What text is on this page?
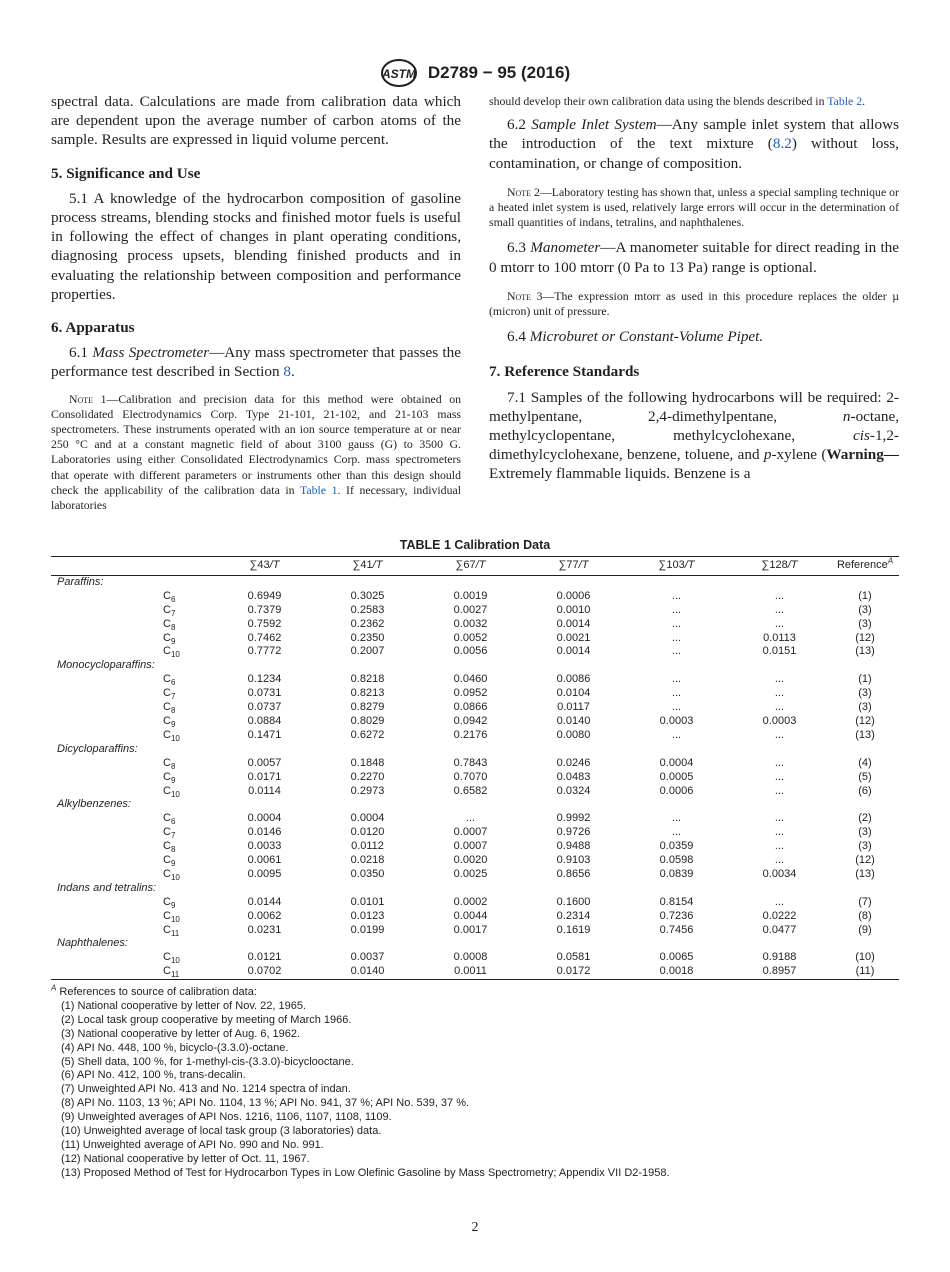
ASTM D2789 − 95 (2016)

spectral data. Calculations are made from calibration data which are dependent upon the average number of carbon atoms of the sample. Results are expressed in liquid volume percent.

5. Significance and Use

5.1 A knowledge of the hydrocarbon composition of gasoline process streams, blending stocks and finished motor fuels is useful in following the effect of changes in plant operating conditions, diagnosing process upsets, blending finished products and in evaluating the relationship between composition and performance properties.

6. Apparatus

6.1 Mass Spectrometer—Any mass spectrometer that passes the performance test described in Section 8.

Note 1—Calibration and precision data for this method were obtained on Consolidated Electrodynamics Corp. Type 21-101, 21-102, and 21-103 mass spectrometers. These instruments operated with an ion source temperature at or near 250 °C and at a constant magnetic field of about 3100 gauss (G) to 3500 G. Laboratories using either Consolidated Electrodynamics Corp. mass spectrometers that operate with different parameters or instruments other than this design should check the applicability of the calibration data in Table 1. If necessary, individual laboratories

should develop their own calibration data using the blends described in Table 2.

6.2 Sample Inlet System—Any sample inlet system that allows the introduction of the text mixture (8.2) without loss, contamination, or change of composition.

Note 2—Laboratory testing has shown that, unless a special sampling technique or a heated inlet system is used, relatively large errors will occur in the determination of small quantities of indans, tetralins, and naphthalenes.

6.3 Manometer—A manometer suitable for direct reading in the 0 mtorr to 100 mtorr (0 Pa to 13 Pa) range is optional.

Note 3—The expression mtorr as used in this procedure replaces the older µ (micron) unit of pressure.

6.4 Microburet or Constant-Volume Pipet.

7. Reference Standards

7.1 Samples of the following hydrocarbons will be required: 2-methylpentane, 2,4-dimethylpentane, n-octane, methylcyclopentane, methylcyclohexane, cis-1,2-dimethylcyclohexane, benzene, toluene, and p-xylene (Warning—Extremely flammable liquids. Benzene is a

TABLE 1 Calibration Data
	∑43/T	∑41/T	∑67/T	∑77/T	∑103/T	∑128/T	Reference$^A$	
Paraffins:								
$C_6$	0.6949	0.3025	0.0019	0.0006	...	...	(1)	
$C_7$	0.7379	0.2583	0.0027	0.0010	...	...	(3)	
$C_8$	0.7592	0.2362	0.0032	0.0014	...	...	(3)	
$C_9$	0.7462	0.2350	0.0052	0.0021	...	0.0113	(12)	
$C_{10}$	0.7772	0.2007	0.0056	0.0014	...	0.0151	(13)	
Monocycloparaffins:								
$C_6$	0.1234	0.8218	0.0460	0.0086	...	...	(1)	
$C_7$	0.0731	0.8213	0.0952	0.0104	...	...	(3)	
$C_8$	0.0737	0.8279	0.0866	0.0117	...	...	(3)	
$C_9$	0.0884	0.8029	0.0942	0.0140	0.0003	0.0003	(12)	
$C_{10}$	0.1471	0.6272	0.2176	0.0080	...	...	(13)	
Dicycloparaffins:								
$C_8$	0.0057	0.1848	0.7843	0.0246	0.0004	...	(4)	
$C_9$	0.0171	0.2270	0.7070	0.0483	0.0005	...	(5)	
$C_{10}$	0.0114	0.2973	0.6582	0.0324	0.0006	...	(6)	
Alkylbenzenes:								
$C_6$	0.0004	0.0004	...	0.9992	...	...	(2)	
$C_7$	0.0146	0.0120	0.0007	0.9726	...	...	(3)	
$C_8$	0.0033	0.0112	0.0007	0.9488	0.0359	...	(3)	
$C_9$	0.0061	0.0218	0.0020	0.9103	0.0598	...	(12)	
$C_{10}$	0.0095	0.0350	0.0025	0.8656	0.0839	0.0034	(13)	
Indans and tetralins:								
$C_9$	0.0144	0.0101	0.0002	0.1600	0.8154	...	(7)	
$C_{10}$	0.0062	0.0123	0.0044	0.2314	0.7236	0.0222	(8)	
$C_{11}$	0.0231	0.0199	0.0017	0.1619	0.7456	0.0477	(9)	
Naphthalenes:								
$C_{10}$	0.0121	0.0037	0.0008	0.0581	0.0065	0.9188	(10)	
$C_{11}$	0.0702	0.0140	0.0011	0.0172	0.0018	0.8957	(11)	
$^A$ References to source of calibration data:
(1) National cooperative by letter of Nov. 22, 1965.
(2) Local task group cooperative by meeting of March 1966.
(3) National cooperative by letter of Aug. 6, 1962.
(4) API No. 448, 100 %, bicyclo-(3.3.0)-octane.
(5) Shell data, 100 %, for 1-methyl-cis-(3.3.0)-bicyclooctane.
(6) API No. 412, 100 %, trans-decalin.
(7) Unweighted API No. 413 and No. 1214 spectra of indan.
(8) API No. 1103, 13 %; API No. 1104, 13 %; API No. 941, 37 %; API No. 539, 37 %.
(9) Unweighted averages of API Nos. 1216, 1106, 1107, 1108, 1109.
(10) Unweighted average of local task group (3 laboratories) data.
(11) Unweighted average of API No. 990 and No. 991.
(12) National cooperative by letter of Oct. 11, 1967.
(13) Proposed Method of Test for Hydrocarbon Types in Low Olefinic Gasoline by Mass Spectrometry; Appendix VII D2-1958.
2
